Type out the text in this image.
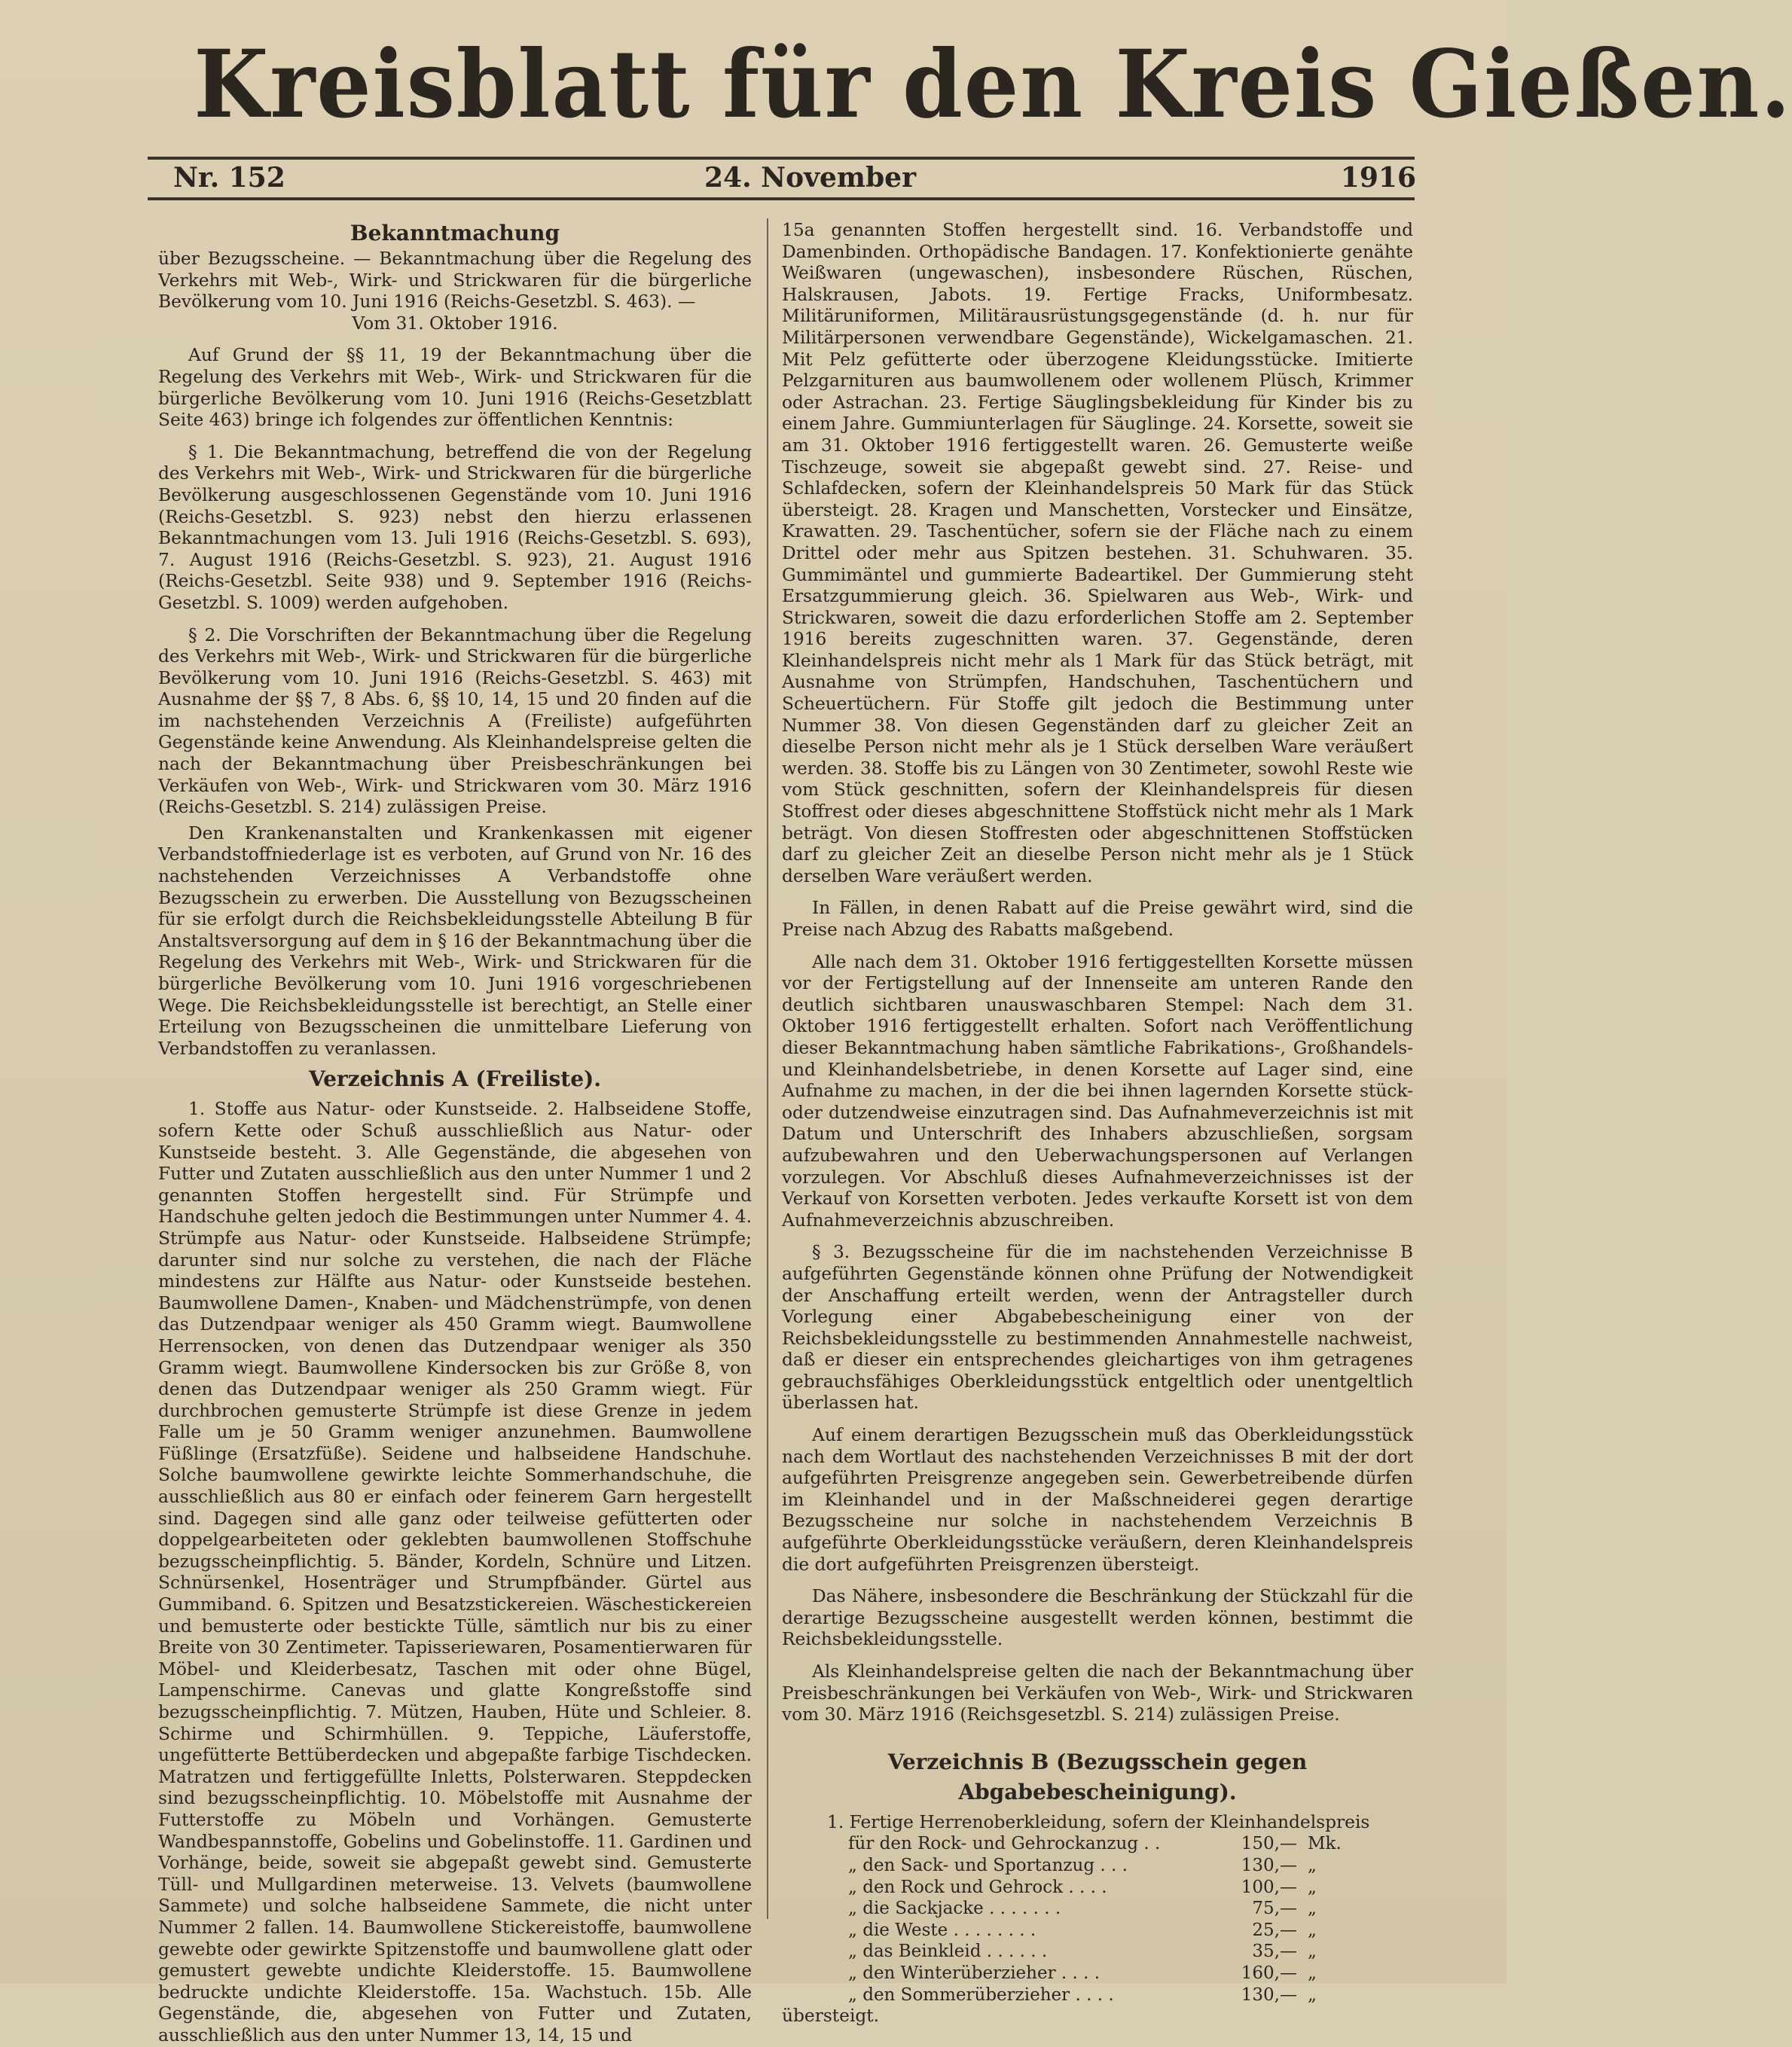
Kreisblatt für den Kreis Gießen.
Nr. 152	24. November	1916

Bekanntmachung

über Bezugsscheine. — Bekanntmachung über die Regelung des Verkehrs mit Web-, Wirk- und Strickwaren für die bürgerliche Bevölkerung vom 10. Juni 1916 (Reichs-Gesetzbl. S. 463). —

Vom 31. Oktober 1916.

Auf Grund der §§ 11, 19 der Bekanntmachung über die Regelung des Verkehrs mit Web-, Wirk- und Strickwaren für die bürgerliche Bevölkerung vom 10. Juni 1916 (Reichs-Gesetzblatt Seite 463) bringe ich folgendes zur öffentlichen Kenntnis:

§ 1. Die Bekanntmachung, betreffend die von der Regelung des Verkehrs mit Web-, Wirk- und Strickwaren für die bürgerliche Bevölkerung ausgeschlossenen Gegenstände vom 10. Juni 1916 (Reichs-Gesetzbl. S. 923) nebst den hierzu erlassenen Bekanntmachungen vom 13. Juli 1916 (Reichs-Gesetzbl. S. 693), 7. August 1916 (Reichs-Gesetzbl. S. 923), 21. August 1916 (Reichs-Gesetzbl. Seite 938) und 9. September 1916 (Reichs-Gesetzbl. S. 1009) werden aufgehoben.

§ 2. Die Vorschriften der Bekanntmachung über die Regelung des Verkehrs mit Web-, Wirk- und Strickwaren für die bürgerliche Bevölkerung vom 10. Juni 1916 (Reichs-Gesetzbl. S. 463) mit Ausnahme der §§ 7, 8 Abs. 6, §§ 10, 14, 15 und 20 finden auf die im nachstehenden Verzeichnis A (Freiliste) aufgeführten Gegenstände keine Anwendung. Als Kleinhandelspreise gelten die nach der Bekanntmachung über Preisbeschränkungen bei Verkäufen von Web-, Wirk- und Strickwaren vom 30. März 1916 (Reichs-Gesetzbl. S. 214) zulässigen Preise.

Den Krankenanstalten und Krankenkassen mit eigener Verbandstoffniederlage ist es verboten, auf Grund von Nr. 16 des nachstehenden Verzeichnisses A Verbandstoffe ohne Bezugsschein zu erwerben. Die Ausstellung von Bezugsscheinen für sie erfolgt durch die Reichsbekleidungsstelle Abteilung B für Anstaltsversorgung auf dem in § 16 der Bekanntmachung über die Regelung des Verkehrs mit Web-, Wirk- und Strickwaren für die bürgerliche Bevölkerung vom 10. Juni 1916 vorgeschriebenen Wege. Die Reichsbekleidungsstelle ist berechtigt, an Stelle einer Erteilung von Bezugsscheinen die unmittelbare Lieferung von Verbandstoffen zu veranlassen.

Verzeichnis A (Freiliste).

1. Stoffe aus Natur- oder Kunstseide. 2. Halbseidene Stoffe, sofern Kette oder Schuß ausschließlich aus Natur- oder Kunstseide besteht. 3. Alle Gegenstände, die abgesehen von Futter und Zutaten ausschließlich aus den unter Nummer 1 und 2 genannten Stoffen hergestellt sind. Für Strümpfe und Handschuhe gelten jedoch die Bestimmungen unter Nummer 4. 4. Strümpfe aus Natur- oder Kunstseide. Halbseidene Strümpfe; darunter sind nur solche zu verstehen, die nach der Fläche mindestens zur Hälfte aus Natur- oder Kunstseide bestehen. Baumwollene Damen-, Knaben- und Mädchenstrümpfe, von denen das Dutzendpaar weniger als 450 Gramm wiegt. Baumwollene Herrensocken, von denen das Dutzendpaar weniger als 350 Gramm wiegt. Baumwollene Kindersocken bis zur Größe 8, von denen das Dutzendpaar weniger als 250 Gramm wiegt. Für durchbrochen gemusterte Strümpfe ist diese Grenze in jedem Falle um je 50 Gramm weniger anzunehmen. Baumwollene Füßlinge (Ersatzfüße). Seidene und halbseidene Handschuhe. Solche baumwollene gewirkte leichte Sommerhandschuhe, die ausschließlich aus 80 er einfach oder feinerem Garn hergestellt sind. Dagegen sind alle ganz oder teilweise gefütterten oder doppelgearbeiteten oder geklebten baumwollenen Stoffschuhe bezugsscheinpflichtig. 5. Bänder, Kordeln, Schnüre und Litzen. Schnürsenkel, Hosenträger und Strumpfbänder. Gürtel aus Gummiband. 6. Spitzen und Besatzstickereien. Wäschestickereien und bemusterte oder bestickte Tülle, sämtlich nur bis zu einer Breite von 30 Zentimeter. Tapisseriewaren, Posamentierwaren für Möbel- und Kleiderbesatz, Taschen mit oder ohne Bügel, Lampenschirme. Canevas und glatte Kongreßstoffe sind bezugsscheinpflichtig. 7. Mützen, Hauben, Hüte und Schleier. 8. Schirme und Schirmhüllen. 9. Teppiche, Läuferstoffe, ungefütterte Bettüberdecken und abgepaßte farbige Tischdecken. Matratzen und fertiggefüllte Inletts, Polsterwaren. Steppdecken sind bezugsscheinpflichtig. 10. Möbelstoffe mit Ausnahme der Futterstoffe zu Möbeln und Vorhängen. Gemusterte Wandbespannstoffe, Gobelins und Gobelinstoffe. 11. Gardinen und Vorhänge, beide, soweit sie abgepaßt gewebt sind. Gemusterte Tüll- und Mullgardinen meterweise. 13. Velvets (baumwollene Sammete) und solche halbseidene Sammete, die nicht unter Nummer 2 fallen. 14. Baumwollene Stickereistoffe, baumwollene gewebte oder gewirkte Spitzenstoffe und baumwollene glatt oder gemustert gewebte undichte Kleiderstoffe. 15. Baumwollene bedruckte undichte Kleiderstoffe. 15a. Wachstuch. 15b. Alle Gegenstände, die, abgesehen von Futter und Zutaten, ausschließlich aus den unter Nummer 13, 14, 15 und

15a genannten Stoffen hergestellt sind. 16. Verbandstoffe und Damenbinden. Orthopädische Bandagen. 17. Konfektionierte genähte Weißwaren (ungewaschen), insbesondere Rüschen, Rüschen, Halskrausen, Jabots. 19. Fertige Fracks, Uniformbesatz. Militäruniformen, Militärausrüstungsgegenstände (d. h. nur für Militärpersonen verwendbare Gegenstände), Wickelgamaschen. 21. Mit Pelz gefütterte oder überzogene Kleidungsstücke. Imitierte Pelzgarnituren aus baumwollenem oder wollenem Plüsch, Krimmer oder Astrachan. 23. Fertige Säuglingsbekleidung für Kinder bis zu einem Jahre. Gummiunterlagen für Säuglinge. 24. Korsette, soweit sie am 31. Oktober 1916 fertiggestellt waren. 26. Gemusterte weiße Tischzeuge, soweit sie abgepaßt gewebt sind. 27. Reise- und Schlafdecken, sofern der Kleinhandelspreis 50 Mark für das Stück übersteigt. 28. Kragen und Manschetten, Vorstecker und Einsätze, Krawatten. 29. Taschentücher, sofern sie der Fläche nach zu einem Drittel oder mehr aus Spitzen bestehen. 31. Schuhwaren. 35. Gummimäntel und gummierte Badeartikel. Der Gummierung steht Ersatzgummierung gleich. 36. Spielwaren aus Web-, Wirk- und Strickwaren, soweit die dazu erforderlichen Stoffe am 2. September 1916 bereits zugeschnitten waren. 37. Gegenstände, deren Kleinhandelspreis nicht mehr als 1 Mark für das Stück beträgt, mit Ausnahme von Strümpfen, Handschuhen, Taschentüchern und Scheuertüchern. Für Stoffe gilt jedoch die Bestimmung unter Nummer 38. Von diesen Gegenständen darf zu gleicher Zeit an dieselbe Person nicht mehr als je 1 Stück derselben Ware veräußert werden. 38. Stoffe bis zu Längen von 30 Zentimeter, sowohl Reste wie vom Stück geschnitten, sofern der Kleinhandelspreis für diesen Stoffrest oder dieses abgeschnittene Stoffstück nicht mehr als 1 Mark beträgt. Von diesen Stoffresten oder abgeschnittenen Stoffstücken darf zu gleicher Zeit an dieselbe Person nicht mehr als je 1 Stück derselben Ware veräußert werden.

In Fällen, in denen Rabatt auf die Preise gewährt wird, sind die Preise nach Abzug des Rabatts maßgebend.

Alle nach dem 31. Oktober 1916 fertiggestellten Korsette müssen vor der Fertigstellung auf der Innenseite am unteren Rande den deutlich sichtbaren unauswaschbaren Stempel: Nach dem 31. Oktober 1916 fertiggestellt erhalten. Sofort nach Veröffentlichung dieser Bekanntmachung haben sämtliche Fabrikations-, Großhandels- und Kleinhandelsbetriebe, in denen Korsette auf Lager sind, eine Aufnahme zu machen, in der die bei ihnen lagernden Korsette stück- oder dutzendweise einzutragen sind. Das Aufnahmeverzeichnis ist mit Datum und Unterschrift des Inhabers abzuschließen, sorgsam aufzubewahren und den Ueberwachungspersonen auf Verlangen vorzulegen. Vor Abschluß dieses Aufnahmeverzeichnisses ist der Verkauf von Korsetten verboten. Jedes verkaufte Korsett ist von dem Aufnahmeverzeichnis abzuschreiben.

§ 3. Bezugsscheine für die im nachstehenden Verzeichnisse B aufgeführten Gegenstände können ohne Prüfung der Notwendigkeit der Anschaffung erteilt werden, wenn der Antragsteller durch Vorlegung einer Abgabebescheinigung einer von der Reichsbekleidungsstelle zu bestimmenden Annahmestelle nachweist, daß er dieser ein entsprechendes gleichartiges von ihm getragenes gebrauchsfähiges Oberkleidungsstück entgeltlich oder unentgeltlich überlassen hat.

Auf einem derartigen Bezugsschein muß das Oberkleidungsstück nach dem Wortlaut des nachstehenden Verzeichnisses B mit der dort aufgeführten Preisgrenze angegeben sein. Gewerbetreibende dürfen im Kleinhandel und in der Maßschneiderei gegen derartige Bezugsscheine nur solche in nachstehendem Verzeichnis B aufgeführte Oberkleidungsstücke veräußern, deren Kleinhandelspreis die dort aufgeführten Preisgrenzen übersteigt.

Das Nähere, insbesondere die Beschränkung der Stückzahl für die derartige Bezugsscheine ausgestellt werden können, bestimmt die Reichsbekleidungsstelle.

Als Kleinhandelspreise gelten die nach der Bekanntmachung über Preisbeschränkungen bei Verkäufen von Web-, Wirk- und Strickwaren vom 30. März 1916 (Reichsgesetzbl. S. 214) zulässigen Preise.

Verzeichnis B (Bezugsschein gegen Abgabebescheinigung).

1. Fertige Herrenoberkleidung, sofern der Kleinhandelspreis

für den Rock- und Gehrockanzug . .	150,—	Mk.
„ den Sack- und Sportanzug . . .	130,—	„
„ den Rock und Gehrock . . . .	100,—	„
„ die Sackjacke . . . . . . .	75,—	„
„ die Weste . . . . . . . .	25,—	„
„ das Beinkleid . . . . . .	35,—	„
„ den Winterüberzieher . . . .	160,—	„
„ den Sommerüberzieher . . . .	130,—	„

übersteigt.
